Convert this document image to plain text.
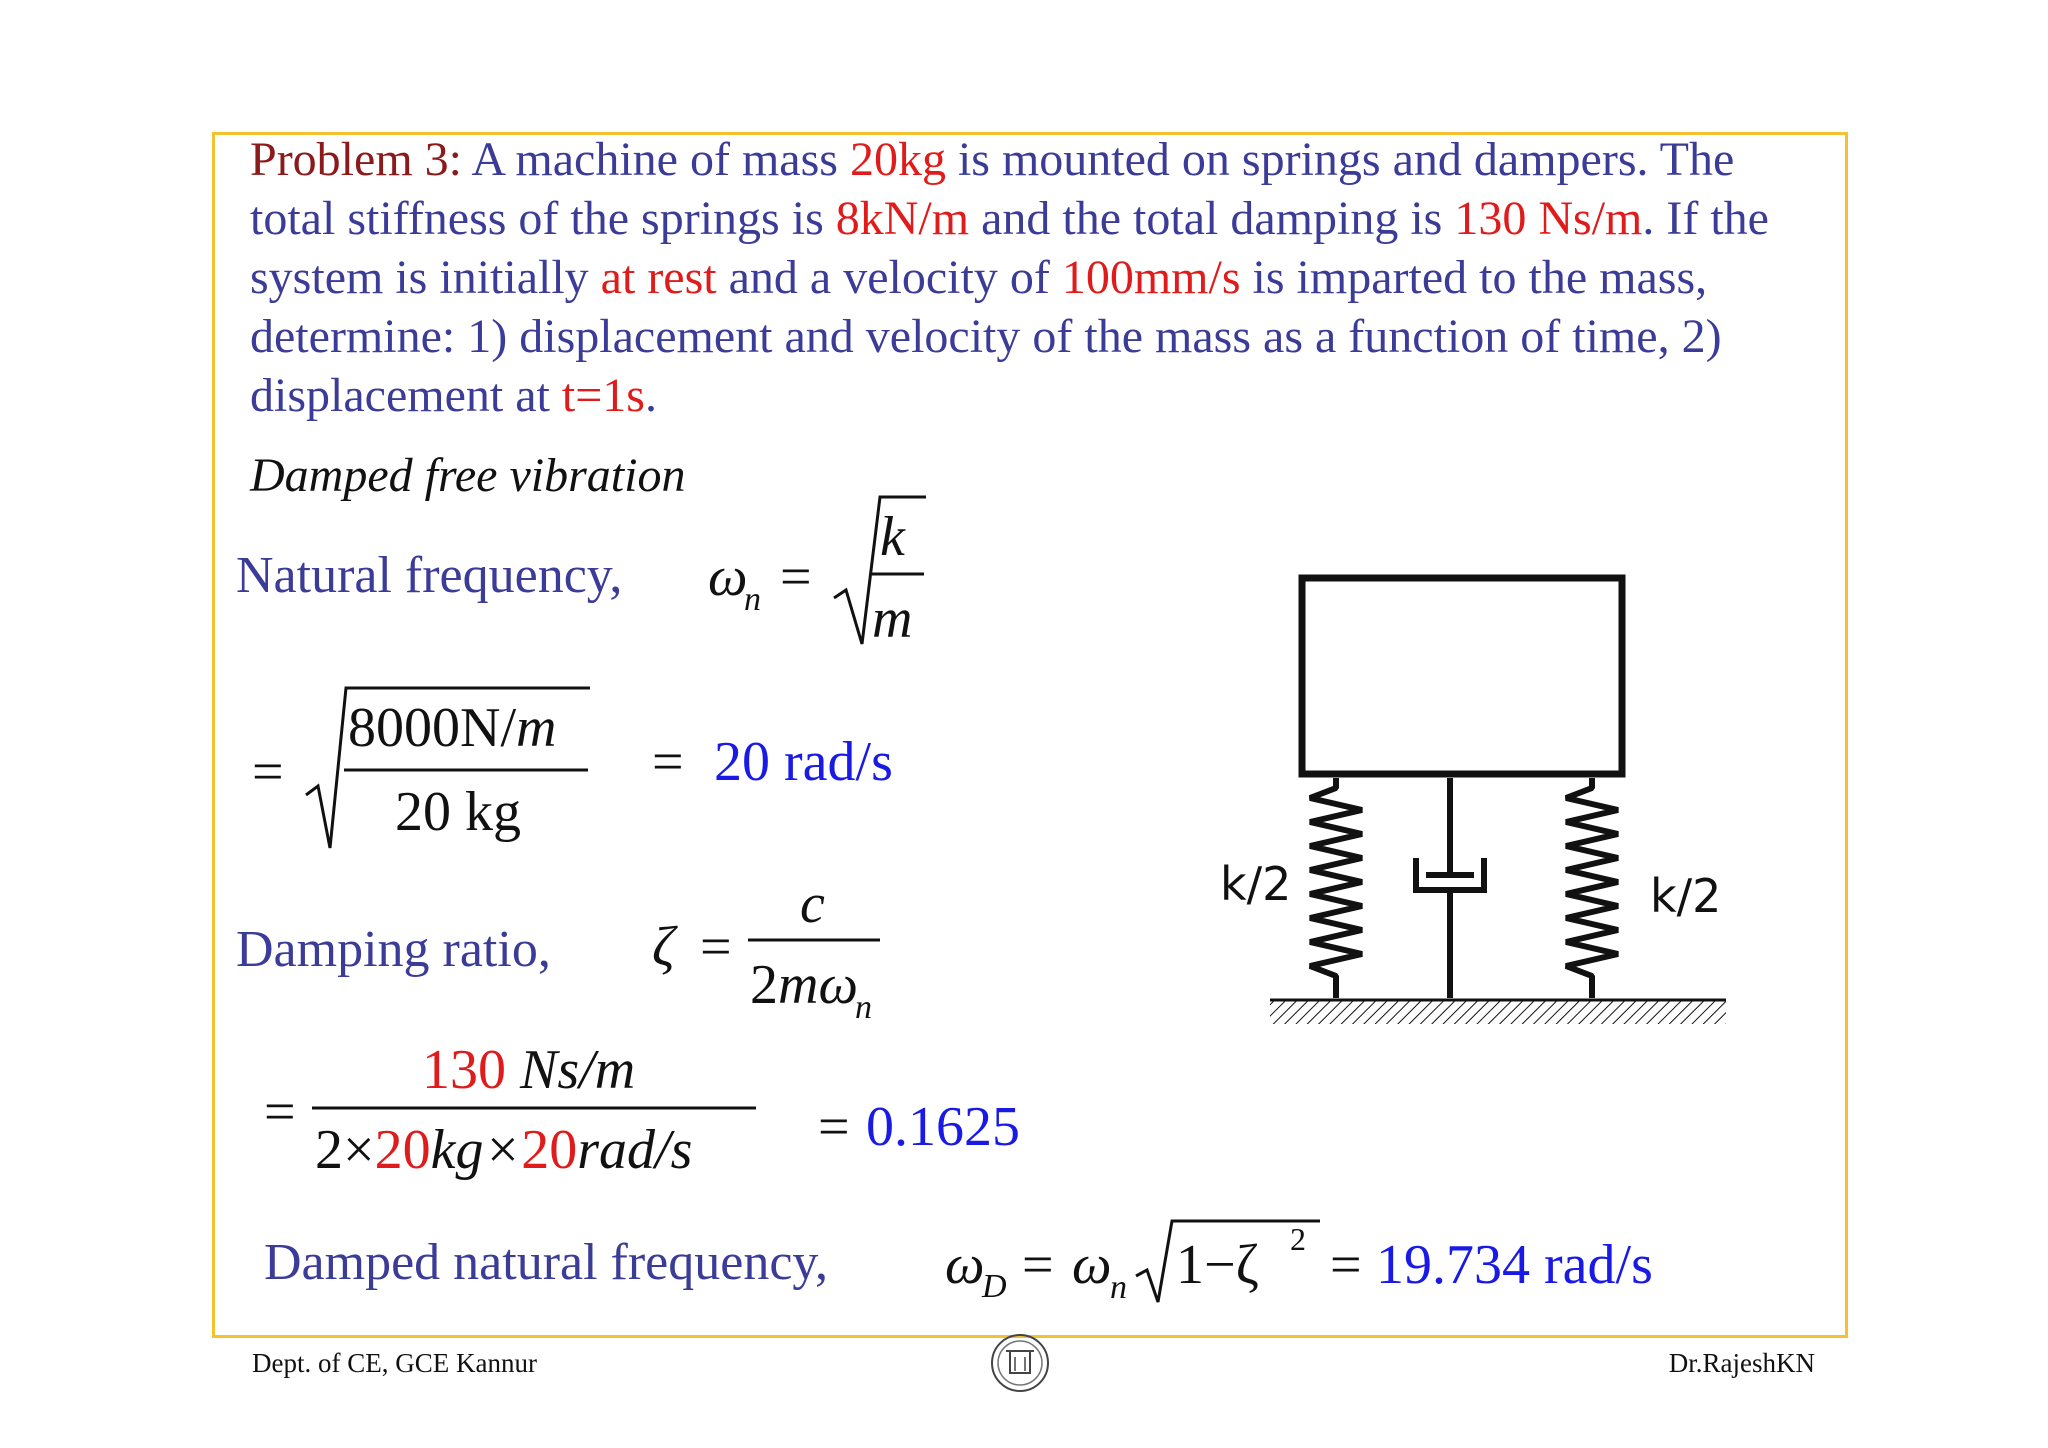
Problem 3: A machine of mass 20kg is mounted on springs and dampers. The total stiffness of the springs is 8kN/m and the total damping is 130 Ns/m. If the system is initially at rest and a velocity of 100mm/s is imparted to the mass, determine: 1) displacement and velocity of the mass as a function of time, 2) displacement at t=1s.
Damped free vibration
Natural frequency,
Damping ratio,
Damped natural frequency,
ω
n =
k
m
=
8000N/m
20 kg
= 20 rad/s
ζ =
c
2mω
n
=
130 Ns/m
2×20kg×20rad/s = 0.1625
ω
D = ω
n 1−ζ 2 = 19.734 rad/s
k/2	k/2
Dept. of CE, GCE Kannur	Dr.RajeshKN
